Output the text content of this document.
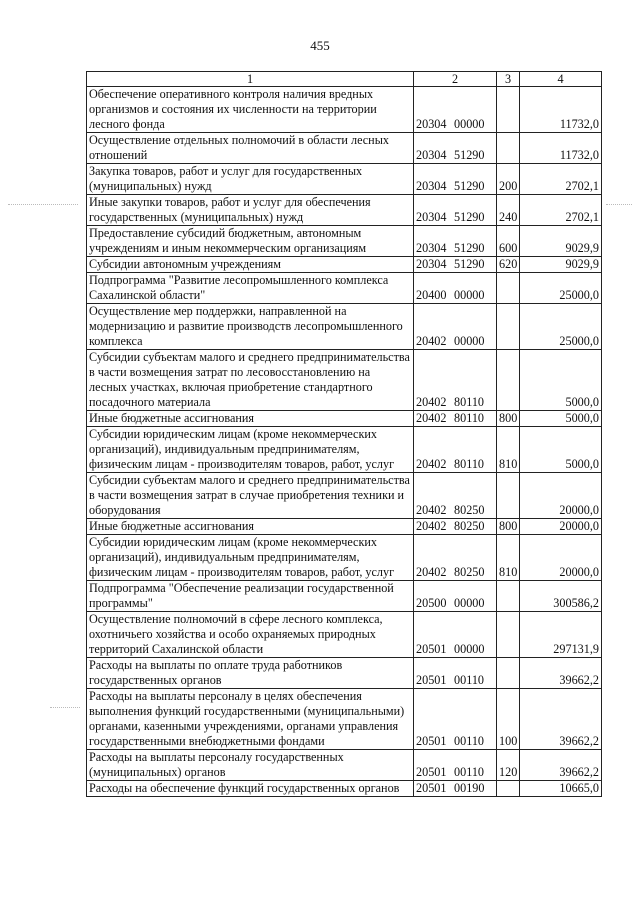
455
1	2	3	4
Обеспечение оперативного контроля наличия вредных организмов и состояния их численности на территории лесного фонда	20304 00000		11732,0
Осуществление отдельных полномочий в области лесных отношений	20304 51290		11732,0
Закупка товаров, работ и услуг для государственных (муниципальных) нужд	20304 51290	200	2702,1
Иные закупки товаров, работ и услуг для обеспечения государственных (муниципальных) нужд	20304 51290	240	2702,1
Предоставление субсидий бюджетным, автономным учреждениям и иным некоммерческим организациям	20304 51290	600	9029,9
Субсидии автономным учреждениям	20304 51290	620	9029,9
Подпрограмма "Развитие лесопромышленного комплекса Сахалинской области"	20400 00000		25000,0
Осуществление мер поддержки, направленной на модернизацию и развитие производств лесопромышленного комплекса	20402 00000		25000,0
Субсидии субъектам малого и среднего предпринимательства в части возмещения затрат по лесовосстановлению на лесных участках, включая приобретение стандартного посадочного материала	20402 80110		5000,0
Иные бюджетные ассигнования	20402 80110	800	5000,0
Субсидии юридическим лицам (кроме некоммерческих организаций), индивидуальным предпринимателям, физическим лицам - производителям товаров, работ, услуг	20402 80110	810	5000,0
Субсидии субъектам малого и среднего предпринимательства в части возмещения затрат в случае приобретения техники и оборудования	20402 80250		20000,0
Иные бюджетные ассигнования	20402 80250	800	20000,0
Субсидии юридическим лицам (кроме некоммерческих организаций), индивидуальным предпринимателям, физическим лицам - производителям товаров, работ, услуг	20402 80250	810	20000,0
Подпрограмма "Обеспечение реализации государственной программы"	20500 00000		300586,2
Осуществление полномочий в сфере лесного комплекса, охотничьего хозяйства и особо охраняемых природных территорий Сахалинской области	20501 00000		297131,9
Расходы на выплаты по оплате труда работников государственных органов	20501 00110		39662,2
Расходы на выплаты персоналу в целях обеспечения выполнения функций государственными (муниципальными) органами, казенными учреждениями, органами управления государственными внебюджетными фондами	20501 00110	100	39662,2
Расходы на выплаты персоналу государственных (муниципальных) органов	20501 00110	120	39662,2
Расходы на обеспечение функций государственных органов	20501 00190		10665,0
